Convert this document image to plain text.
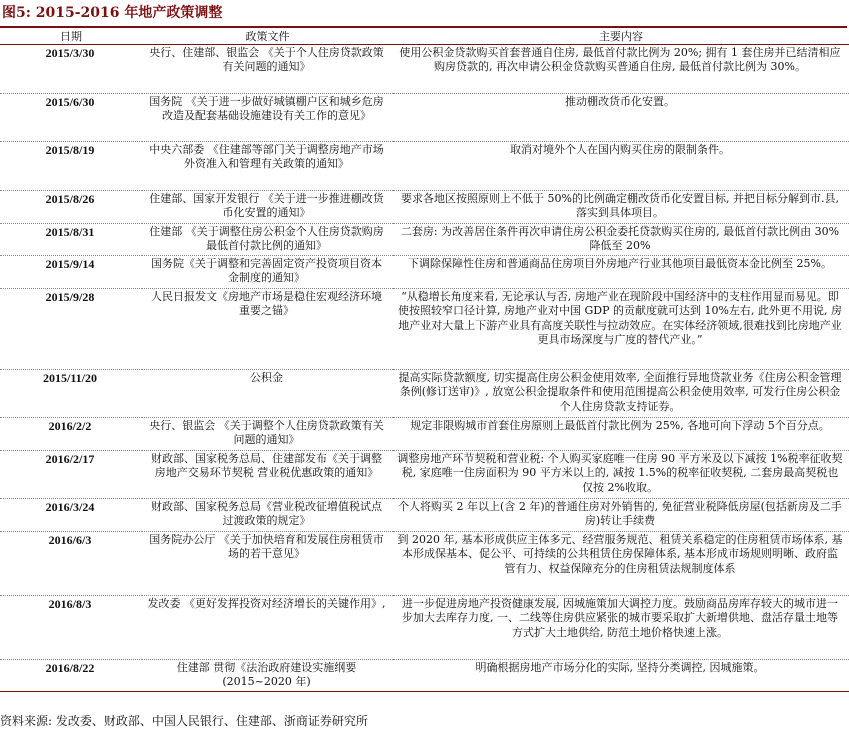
图5: 2015-2016 年地产政策调整
日期	政策文件	主要内容
2015/3/30	央行、住建部、银监会 《关于个人住房贷款政策有关问题的通知》	使用公积金贷款购买首套普通自住房, 最低首付款比例为 20%; 拥有 1 套住房并已结清相应购房贷款的, 再次申请公积金贷款购买普通自住房, 最低首付款比例为 30%。
2015/6/30	国务院 《关于进一步做好城镇棚户区和城乡危房改造及配套基础设施建设有关工作的意见》	推动棚改货币化安置。
2015/8/19	中央六部委 《住建部等部门关于调整房地产市场外资准入和管理有关政策的通知》	取消对境外个人在国内购买住房的限制条件。
2015/8/26	住建部、国家开发银行 《关于进一步推进棚改货币化安置的通知》	要求各地区按照原则上不低于 50%的比例确定棚改货币化安置目标, 并把目标分解到市.县, 落实到具体项目。
2015/8/31	住建部 《关于调整住房公积金个人住房贷款购房最低首付款比例的通知》	二套房: 为改善居住条件再次申请住房公积金委托贷款购买住房的, 最低首付款比例由 30%降低至 20%
2015/9/14	国务院《关于调整和完善固定资产投资项目资本金制度的通知》	下调除保障性住房和普通商品住房项目外房地产行业其他项目最低资本金比例至 25%。
2015/9/28	人民日报发文《房地产市场是稳住宏观经济环境重要之锚》	“从稳增长角度来看, 无论承认与否, 房地产业在现阶段中国经济中的支柱作用显而易见。即使按照较窄口径计算, 房地产业对中国 GDP 的贡献度就可达到 10%左右, 此外更不用说, 房地产业对大量上下游产业具有高度关联性与拉动效应。在实体经济领域,很难找到比房地产业更具市场深度与广度的替代产业。”
2015/11/20	公积金	提高实际贷款额度, 切实提高住房公积金使用效率, 全面推行异地贷款业务《住房公积金管理条例(修订送审)》, 放宽公积金提取条件和使用范围提高公积金使用效率, 可发行住房公积金个人住房贷款支持证券。
2016/2/2	央行、银监会 《关于调整个人住房贷款政策有关问题的通知》	规定非限购城市首套住房原则上最低首付款比例为 25%, 各地可向下浮动 5个百分点。
2016/2/17	财政部、国家税务总局、住建部发布《关于调整房地产交易环节契税 营业税优惠政策的通知》	调整房地产环节契税和营业税: 个人购买家庭唯一住房 90 平方米及以下减按 1%税率征收契税, 家庭唯一住房面积为 90 平方米以上的, 减按 1.5%的税率征收契税, 二套房最高契税也仅按 2%收取。
2016/3/24	财政部、国家税务总局《营业税改征增值税试点过渡政策的规定》	个人将购买 2 年以上(含 2 年)的普通住房对外销售的, 免征营业税降低房屋(包括新房及二手房)转让手续费
2016/6/3	国务院办公厅 《关于加快培育和发展住房租赁市场的若干意见》	到 2020 年, 基本形成供应主体多元、经营服务规范、租赁关系稳定的住房租赁市场体系, 基本形成保基本、促公平、可持续的公共租赁住房保障体系, 基本形成市场规则明晰、政府监管有力、权益保障充分的住房租赁法规制度体系
2016/8/3	发改委 《更好发挥投资对经济增长的关键作用》,	进一步促进房地产投资健康发展, 因城施策加大调控力度。鼓励商品房库存较大的城市进一步加大去库存力度, 一、二线等住房供应紧张的城市要采取扩大新增供地、盘活存量土地等方式扩大土地供给, 防范土地价格快速上涨。
2016/8/22	住建部 贯彻《法治政府建设实施纲要(2015~2020 年)	明确根据房地产市场分化的实际, 坚持分类调控, 因城施策。
资料来源: 发改委、财政部、中国人民银行、住建部、浙商证券研究所
